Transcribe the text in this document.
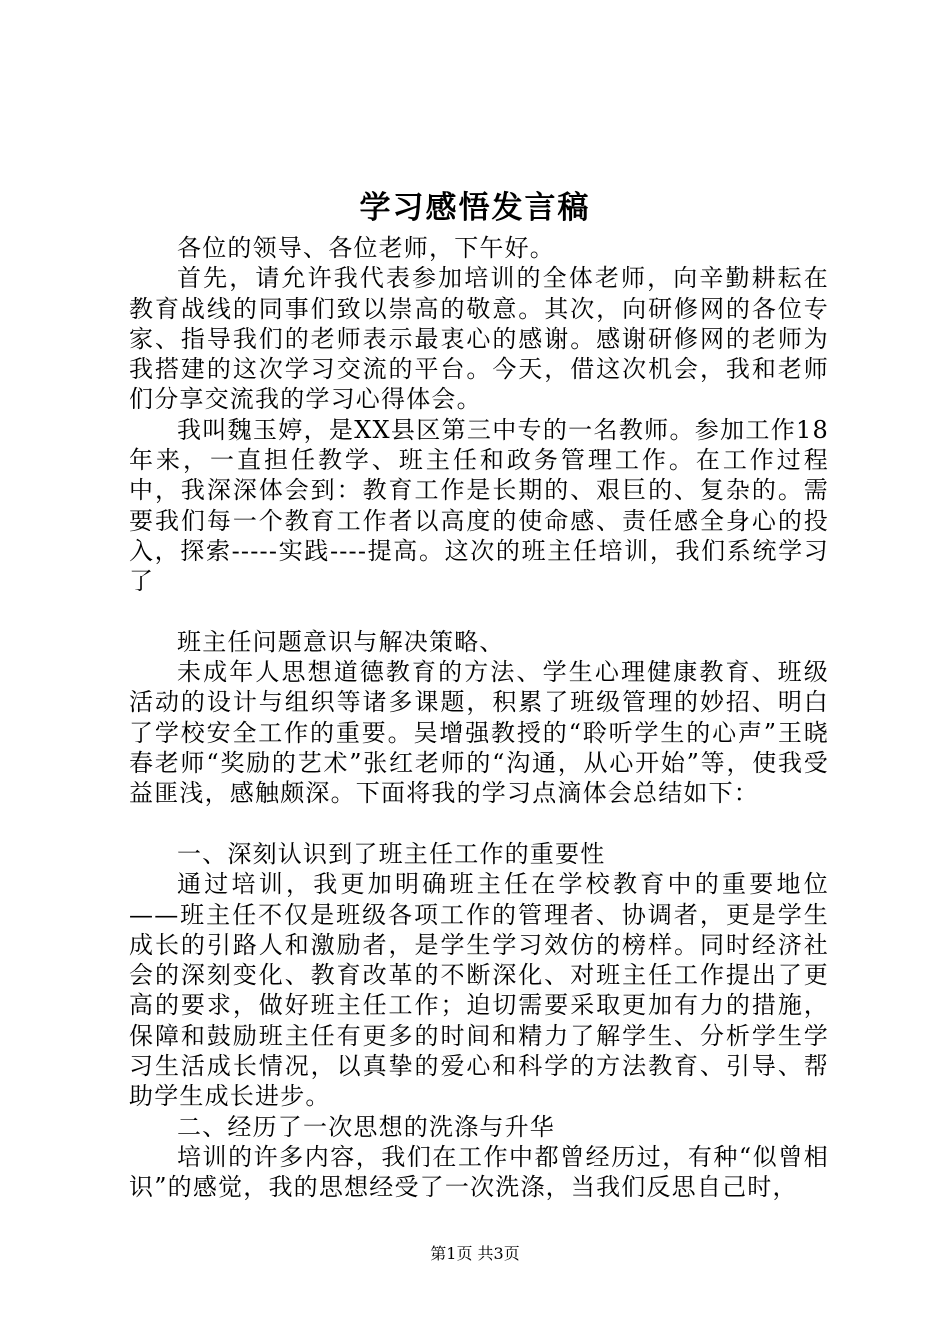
学习感悟发言稿

各位的领导、各位老师，下午好。

首先，请允许我代表参加培训的全体老师，向辛勤耕耘在教育战线的同事们致以崇高的敬意。其次，向研修网的各位专家、指导我们的老师表示最衷心的感谢。感谢研修网的老师为我搭建的这次学习交流的平台。今天，借这次机会，我和老师们分享交流我的学习心得体会。

我叫魏玉婷，是XX县区第三中专的一名教师。参加工作18年来，一直担任教学、班主任和政务管理工作。在工作过程中，我深深体会到：教育工作是长期的、艰巨的、复杂的。需要我们每一个教育工作者以高度的使命感、责任感全身心的投入，探索-----实践----提高。这次的班主任培训，我们系统学习了

班主任问题意识与解决策略、

未成年人思想道德教育的方法、学生心理健康教育、班级活动的设计与组织等诸多课题，积累了班级管理的妙招、明白了学校安全工作的重要。吴增强教授的“聆听学生的心声”王晓春老师“奖励的艺术”张红老师的“沟通，从心开始”等，使我受益匪浅，感触颇深。下面将我的学习点滴体会总结如下：

一、深刻认识到了班主任工作的重要性

通过培训，我更加明确班主任在学校教育中的重要地位——班主任不仅是班级各项工作的管理者、协调者，更是学生成长的引路人和激励者，是学生学习效仿的榜样。同时经济社会的深刻变化、教育改革的不断深化、对班主任工作提出了更高的要求，做好班主任工作；迫切需要采取更加有力的措施，保障和鼓励班主任有更多的时间和精力了解学生、分析学生学习生活成长情况，以真挚的爱心和科学的方法教育、引导、帮助学生成长进步。

二、经历了一次思想的洗涤与升华

培训的许多内容，我们在工作中都曾经历过，有种“似曾相识”的感觉，我的思想经受了一次洗涤，当我们反思自己时，

第1页 共3页
